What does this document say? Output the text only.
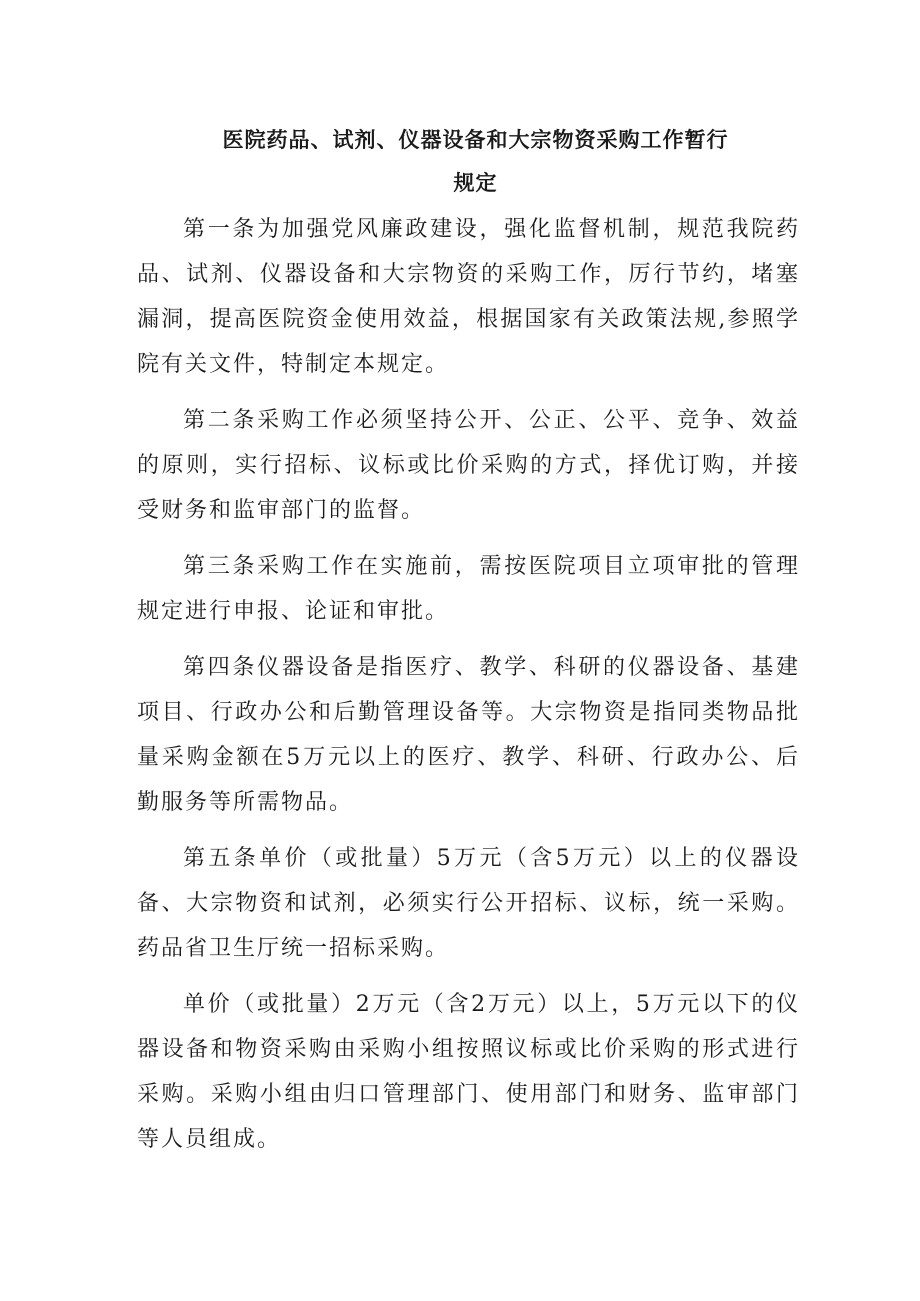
医院药品、试剂、仪器设备和大宗物资采购工作暂行
规定

第一条为加强党风廉政建设，强化监督机制，规范我院药品、试剂、仪器设备和大宗物资的采购工作，厉行节约，堵塞漏洞，提高医院资金使用效益，根据国家有关政策法规,参照学院有关文件，特制定本规定。

第二条采购工作必须坚持公开、公正、公平、竞争、效益的原则，实行招标、议标或比价采购的方式，择优订购，并接受财务和监审部门的监督。

第三条采购工作在实施前，需按医院项目立项审批的管理规定进行申报、论证和审批。

第四条仪器设备是指医疗、教学、科研的仪器设备、基建项目、行政办公和后勤管理设备等。大宗物资是指同类物品批量采购金额在5万元以上的医疗、教学、科研、行政办公、后勤服务等所需物品。

第五条单价（或批量）5万元（含5万元）以上的仪器设备、大宗物资和试剂，必须实行公开招标、议标，统一采购。药品省卫生厅统一招标采购。

单价（或批量）2万元（含2万元）以上，5万元以下的仪器设备和物资采购由采购小组按照议标或比价采购的形式进行采购。采购小组由归口管理部门、使用部门和财务、监审部门等人员组成。
